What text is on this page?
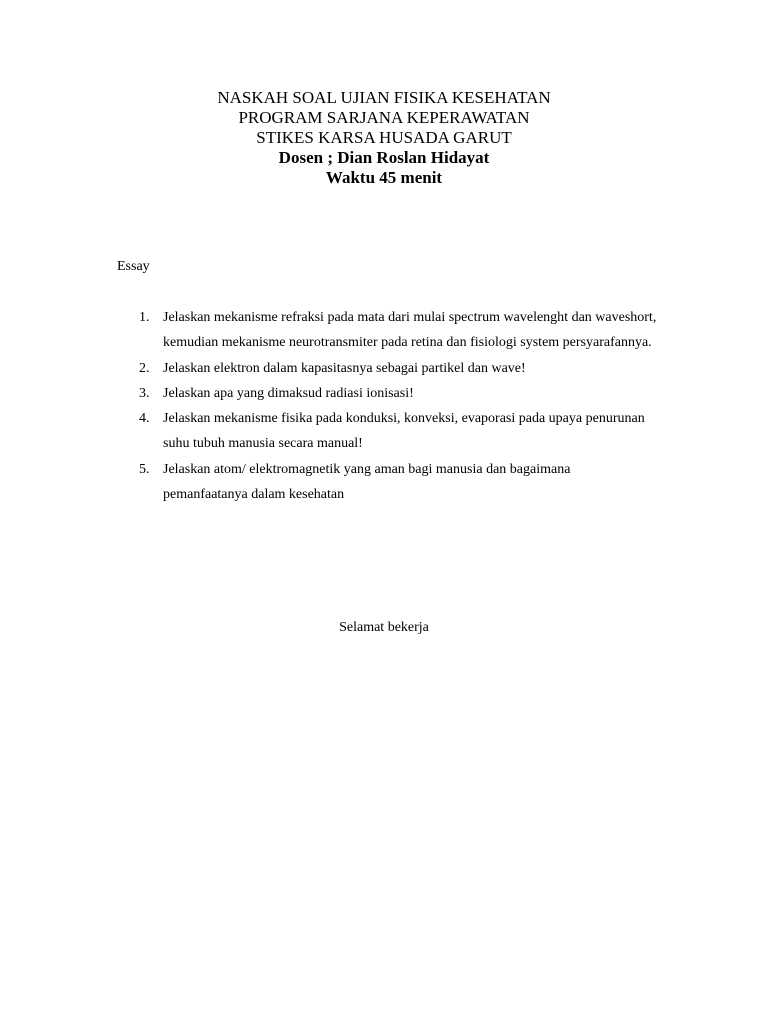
NASKAH SOAL UJIAN FISIKA KESEHATAN
PROGRAM SARJANA KEPERAWATAN
STIKES KARSA HUSADA GARUT
Dosen ; Dian Roslan Hidayat
Waktu 45 menit
Essay
1. Jelaskan mekanisme refraksi pada mata dari mulai spectrum wavelenght dan waveshort, kemudian mekanisme neurotransmiter pada retina dan fisiologi system persyarafannya.
2. Jelaskan elektron dalam kapasitasnya sebagai partikel dan wave!
3. Jelaskan apa yang dimaksud radiasi ionisasi!
4. Jelaskan mekanisme fisika pada konduksi, konveksi, evaporasi pada upaya penurunan suhu tubuh manusia secara manual!
5. Jelaskan atom/ elektromagnetik yang aman bagi manusia dan bagaimana pemanfaatanya dalam kesehatan
Selamat bekerja
